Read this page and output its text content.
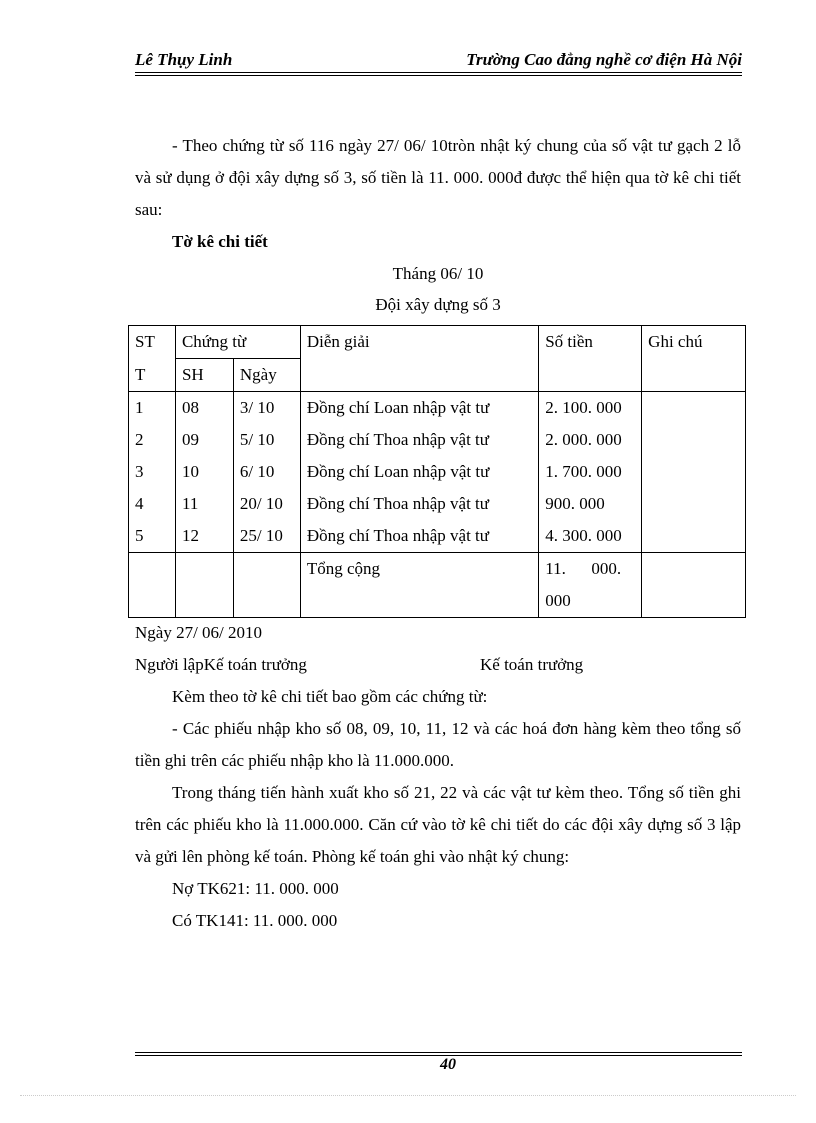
Lê Thụy Linh	Trường Cao đẳng nghề cơ điện Hà Nội

- Theo chứng từ số 116 ngày 27/ 06/ 10tròn nhật ký chung của số vật tư gạch 2 lỗ và sử dụng ở đội xây dựng số 3, số tiền là 11. 000. 000đ được thể hiện qua tờ kê chi tiết sau:

Tờ kê chi tiết

Tháng 06/ 10

Đội xây dựng số 3

ST	Chứng từ		Diễn giải	Số tiền	Ghi chú
T	SH	Ngày			
1	08	3/ 10	Đồng chí Loan nhập vật tư	2. 100. 000	
2	09	5/ 10	Đồng chí Thoa nhập vật tư	2. 000. 000	
3	10	6/ 10	Đồng chí Loan nhập vật tư	1. 700. 000	
4	11	20/ 10	Đồng chí Thoa nhập vật tư	900. 000	
5	12	25/ 10	Đồng chí Thoa nhập vật tư	4. 300. 000	
			Tổng cộng	11.      000.
000	

Ngày 27/ 06/ 2010

Người lậpKế toán trưởng	Kế toán trưởng

Kèm theo tờ kê chi tiết bao gồm các chứng từ:

- Các phiếu nhập kho số 08, 09, 10, 11, 12 và các hoá đơn hàng kèm theo tổng số tiền ghi trên các phiếu nhập kho là 11.000.000.

Trong tháng tiến hành xuất kho số 21, 22 và các vật tư kèm theo. Tổng số tiền ghi trên các phiếu kho là 11.000.000. Căn cứ vào tờ kê chi tiết do các đội xây dựng số 3 lập và gửi lên phòng kế toán. Phòng kế toán ghi vào nhật ký chung:

Nợ TK621: 11. 000. 000

Có TK141: 11. 000. 000

40
